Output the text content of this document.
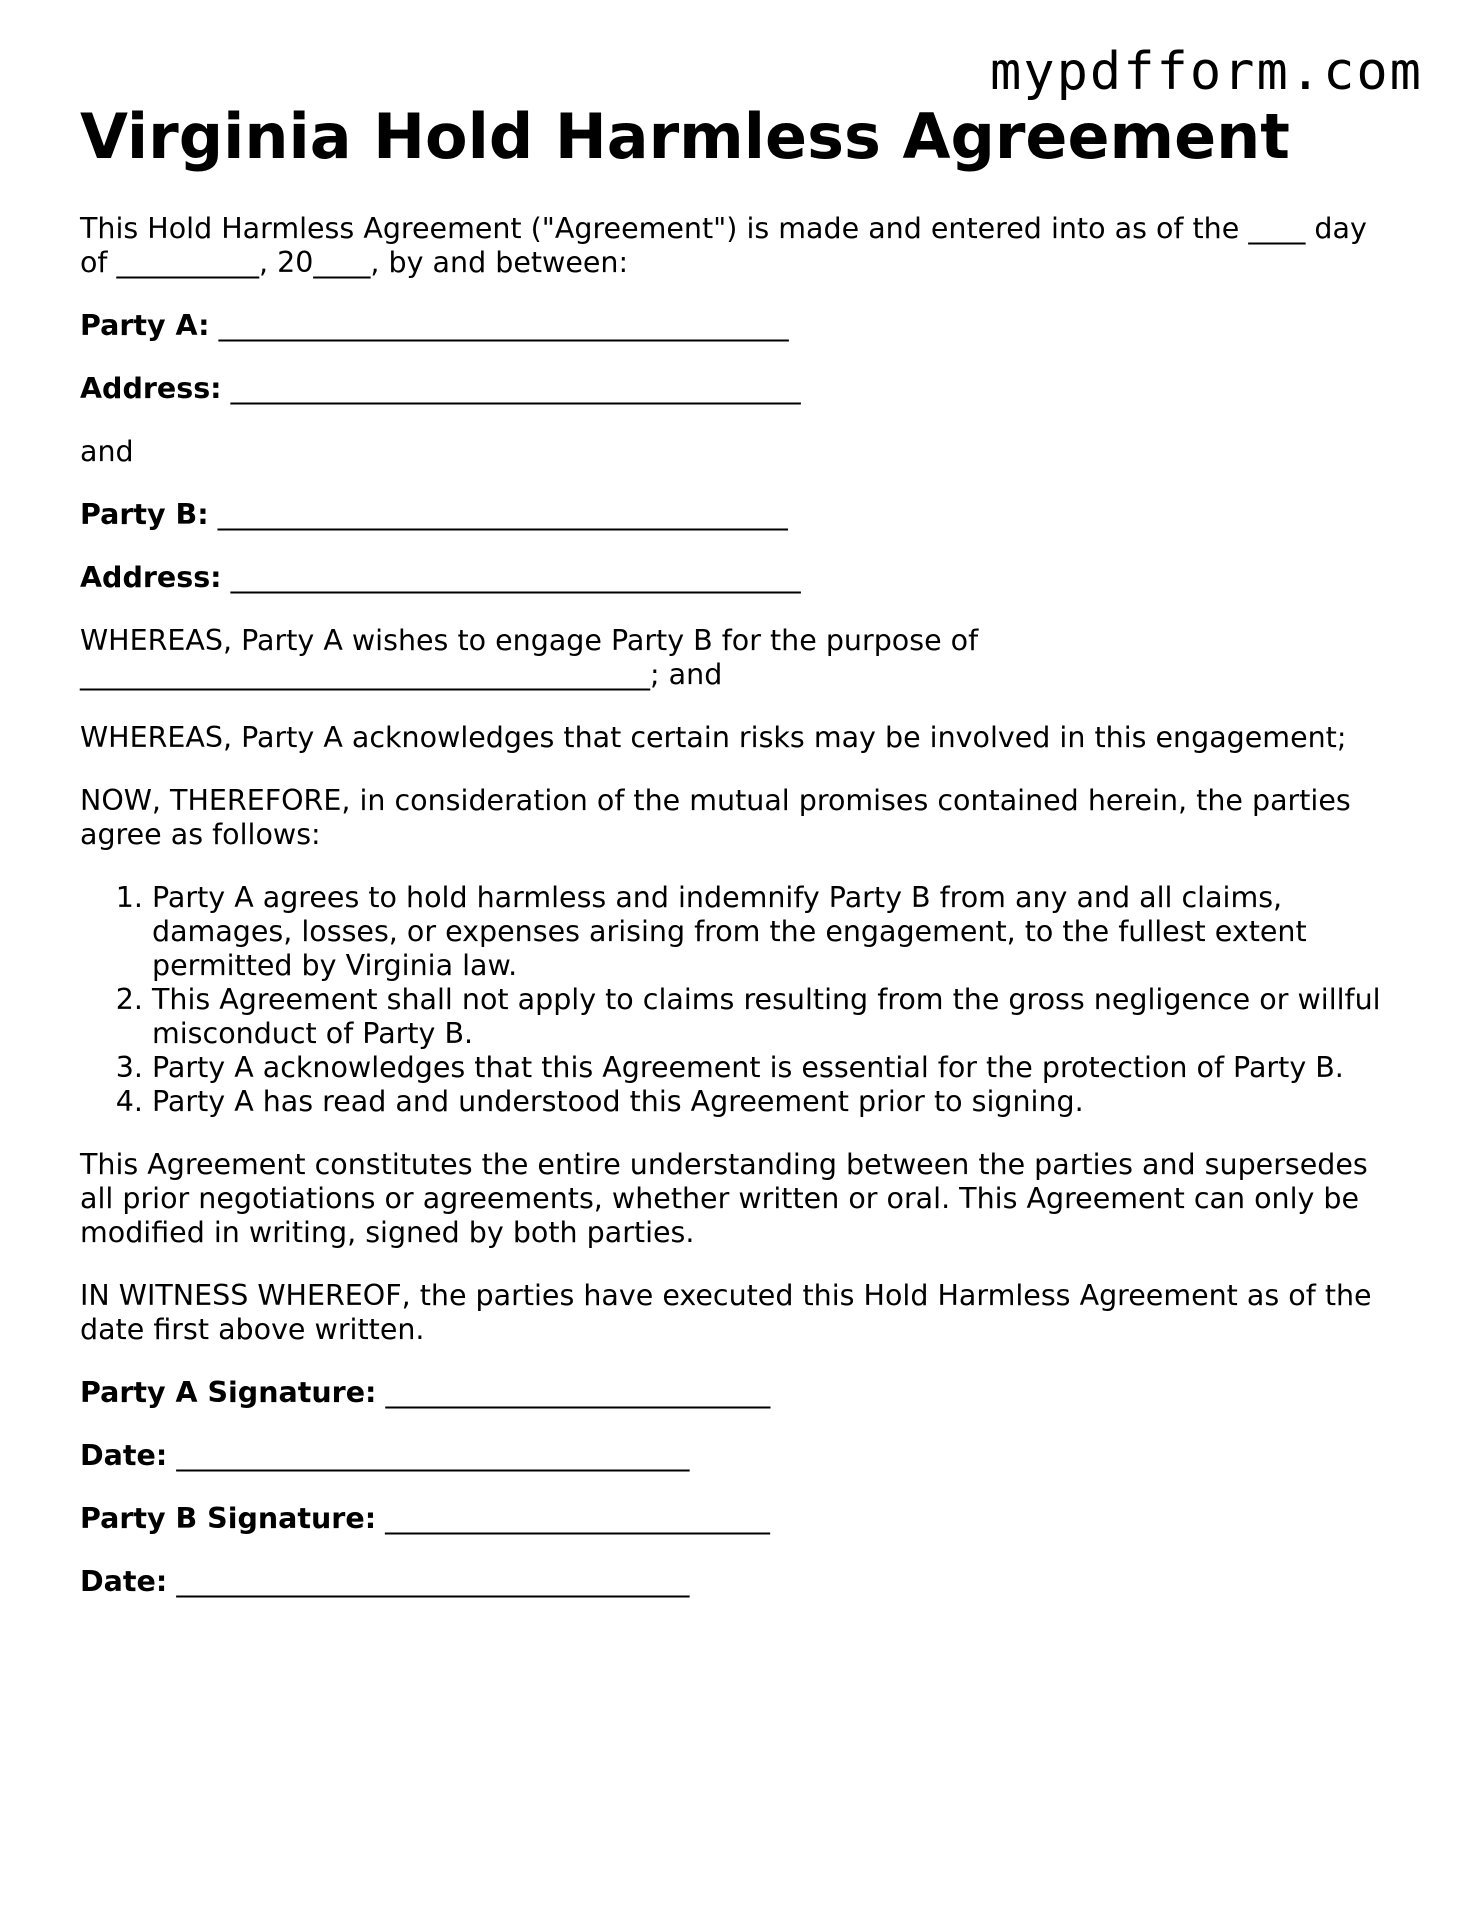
mypdfform.com
Virginia Hold Harmless Agreement

This Hold Harmless Agreement ("Agreement") is made and entered into as of the ____ day of __________, 20____, by and between:

Party A: ________________________________________

Address: ________________________________________

and

Party B: ________________________________________

Address: ________________________________________

WHEREAS, Party A wishes to engage Party B for the purpose of ________________________________________; and

WHEREAS, Party A acknowledges that certain risks may be involved in this engagement;

NOW, THEREFORE, in consideration of the mutual promises contained herein, the parties agree as follows:

1. Party A agrees to hold harmless and indemnify Party B from any and all claims, damages, losses, or expenses arising from the engagement, to the fullest extent permitted by Virginia law.
2. This Agreement shall not apply to claims resulting from the gross negligence or willful misconduct of Party B.
3. Party A acknowledges that this Agreement is essential for the protection of Party B.
4. Party A has read and understood this Agreement prior to signing.

This Agreement constitutes the entire understanding between the parties and supersedes all prior negotiations or agreements, whether written or oral. This Agreement can only be modified in writing, signed by both parties.

IN WITNESS WHEREOF, the parties have executed this Hold Harmless Agreement as of the date first above written.

Party A Signature: ___________________________

Date: ____________________________________

Party B Signature: ___________________________

Date: ____________________________________
